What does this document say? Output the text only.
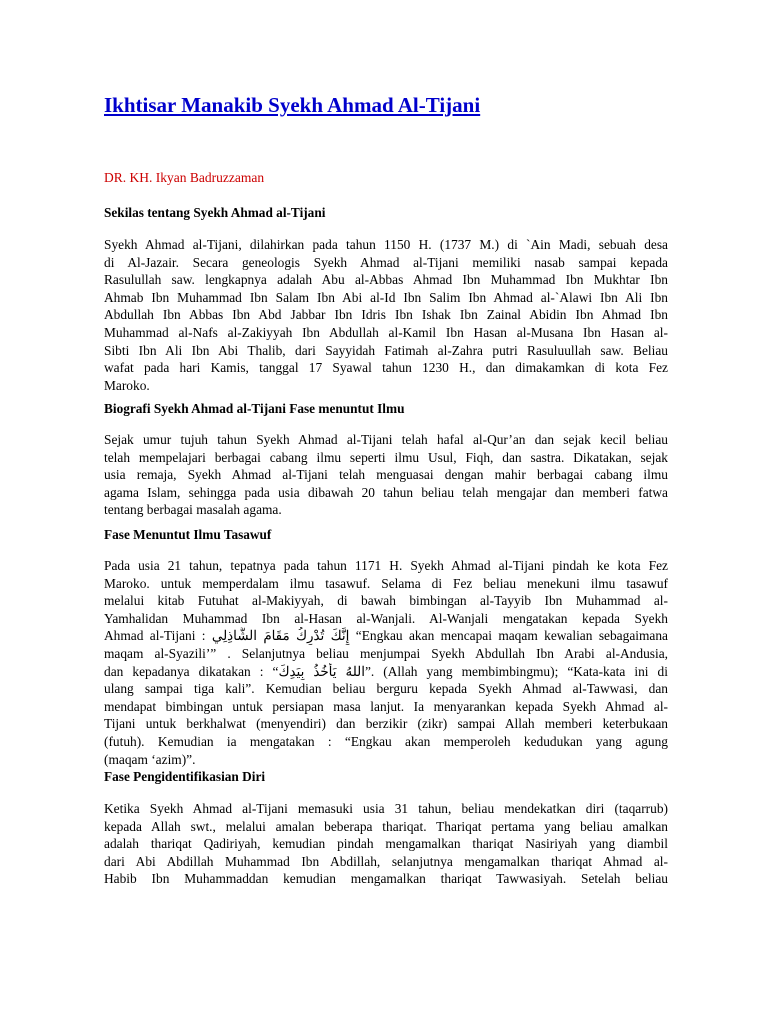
Ikhtisar Manakib Syekh Ahmad Al-Tijani

DR. KH. Ikyan Badruzzaman

Sekilas tentang Syekh Ahmad al-Tijani

Syekh Ahmad al-Tijani, dilahirkan pada tahun 1150 H. (1737 M.) di `Ain Madi, sebuah desa
di Al-Jazair. Secara geneologis Syekh Ahmad al-Tijani memiliki nasab sampai kepada
Rasulullah saw. lengkapnya adalah Abu al-Abbas Ahmad Ibn Muhammad Ibn Mukhtar Ibn
Ahmab Ibn Muhammad Ibn Salam Ibn Abi al-Id Ibn Salim Ibn Ahmad al-`Alawi Ibn Ali Ibn
Abdullah Ibn Abbas Ibn Abd Jabbar Ibn Idris Ibn Ishak Ibn Zainal Abidin Ibn Ahmad Ibn
Muhammad al-Nafs al-Zakiyyah Ibn Abdullah al-Kamil Ibn Hasan al-Musana Ibn Hasan al-
Sibti Ibn Ali Ibn Abi Thalib, dari Sayyidah Fatimah al-Zahra putri Rasuluullah saw. Beliau
wafat pada hari Kamis, tanggal 17 Syawal tahun 1230 H., dan dimakamkan di kota Fez
Maroko.

Biografi Syekh Ahmad al-Tijani Fase menuntut Ilmu

Sejak umur tujuh tahun Syekh Ahmad al-Tijani telah hafal al-Qur’an dan sejak kecil beliau
telah mempelajari berbagai cabang ilmu seperti ilmu Usul, Fiqh, dan sastra. Dikatakan, sejak
usia remaja, Syekh Ahmad al-Tijani telah menguasai dengan mahir berbagai cabang ilmu
agama Islam, sehingga pada usia dibawah 20 tahun beliau telah mengajar dan memberi fatwa
tentang berbagai masalah agama.

Fase Menuntut Ilmu Tasawuf

Pada usia 21 tahun, tepatnya pada tahun 1171 H. Syekh Ahmad al-Tijani pindah ke kota Fez
Maroko. untuk memperdalam ilmu tasawuf. Selama di Fez beliau menekuni ilmu tasawuf
melalui kitab Futuhat al-Makiyyah, di bawah bimbingan al-Tayyib Ibn Muhammad al-
Yamhalidan Muhammad Ibn al-Hasan al-Wanjali. Al-Wanjali mengatakan kepada Syekh
Ahmad al-Tijani : إِنَّكَ تُدْرِكُ مَقَامَ الشَّاذِلِي “Engkau akan mencapai maqam kewalian sebagaimana
maqam al-Syazili’” . Selanjutnya beliau menjumpai Syekh Abdullah Ibn Arabi al-Andusia,
dan kepadanya dikatakan : “اللهُ يَأْخُذُ بِيَدِكَ”. (Allah yang membimbingmu); “Kata-kata ini di
ulang sampai tiga kali”. Kemudian beliau berguru kepada Syekh Ahmad al-Tawwasi, dan
mendapat bimbingan untuk persiapan masa lanjut. Ia menyarankan kepada Syekh Ahmad al-
Tijani untuk berkhalwat (menyendiri) dan berzikir (zikr) sampai Allah memberi keterbukaan
(futuh). Kemudian ia mengatakan : “Engkau akan memperoleh kedudukan yang agung
(maqam ‘azim)”.

Fase Pengidentifikasian Diri

Ketika Syekh Ahmad al-Tijani memasuki usia 31 tahun, beliau mendekatkan diri (taqarrub)
kepada Allah swt., melalui amalan beberapa thariqat. Thariqat pertama yang beliau amalkan
adalah thariqat Qadiriyah, kemudian pindah mengamalkan thariqat Nasiriyah yang diambil
dari Abi Abdillah Muhammad Ibn Abdillah, selanjutnya mengamalkan thariqat Ahmad al-
Habib Ibn Muhammaddan kemudian mengamalkan thariqat Tawwasiyah. Setelah beliau
